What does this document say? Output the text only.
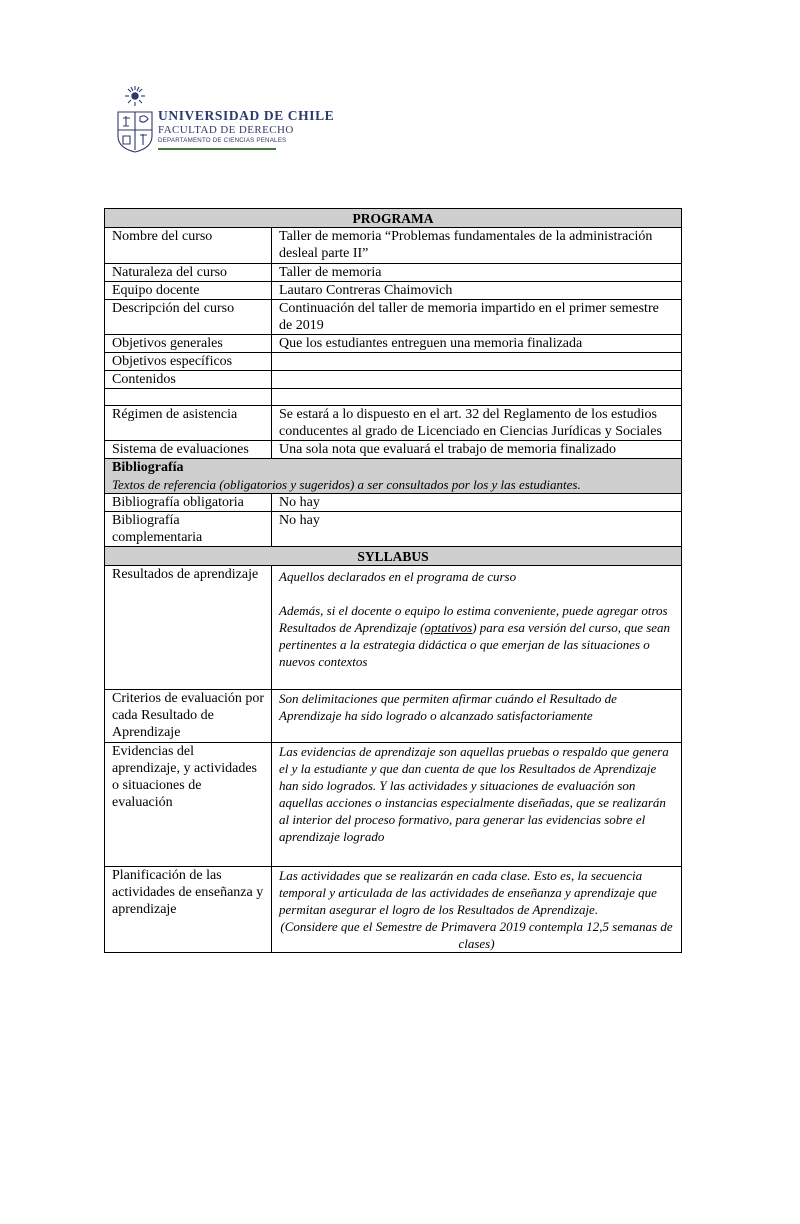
UNIVERSIDAD DE CHILE
FACULTAD DE DERECHO
DEPARTAMENTO DE CIENCIAS PENALES
PROGRAMA	
Nombre del curso	Taller de memoria “Problemas fundamentales de la administración desleal parte II”
Naturaleza del curso	Taller de memoria
Equipo docente	Lautaro Contreras Chaimovich
Descripción del curso	Continuación del taller de memoria impartido en el primer semestre de 2019
Objetivos generales	Que los estudiantes entreguen una memoria finalizada
Objetivos específicos	
Contenidos	

Régimen de asistencia	Se estará a lo dispuesto en el art. 32 del Reglamento de los estudios conducentes al grado de Licenciado en Ciencias Jurídicas y Sociales
Sistema de evaluaciones	Una sola nota que evaluará el trabajo de memoria finalizado

Bibliografía
Textos de referencia (obligatorios y sugeridos) a ser consultados por los y las estudiantes.	

Bibliografía obligatoria	No hay
Bibliografía complementaria	No hay
SYLLABUS	
Resultados de aprendizaje	Aquellos declarados en el programa de curso

Además, si el docente o equipo lo estima conveniente, puede agregar otros Resultados de Aprendizaje (optativos) para esa versión del curso, que sean pertinentes a la estrategia didáctica o que emerjan de las situaciones o nuevos contextos

Criterios de evaluación por cada Resultado de Aprendizaje	Son delimitaciones que permiten afirmar cuándo el Resultado de Aprendizaje ha sido logrado o alcanzado satisfactoriamente
Evidencias del aprendizaje, y actividades o situaciones de evaluación	Las evidencias de aprendizaje son aquellas pruebas o respaldo que genera el y la estudiante y que dan cuenta de que los Resultados de Aprendizaje han sido logrados. Y las actividades y situaciones de evaluación son aquellas acciones o instancias especialmente diseñadas, que se realizarán al interior del proceso formativo, para generar las evidencias sobre el aprendizaje logrado
Planificación de las actividades de enseñanza y aprendizaje	Las actividades que se realizarán en cada clase. Esto es, la secuencia temporal y articulada de las actividades de enseñanza y aprendizaje que permitan asegurar el logro de los Resultados de Aprendizaje.
(Considere que el Semestre de Primavera 2019 contempla 12,5 semanas de clases)
